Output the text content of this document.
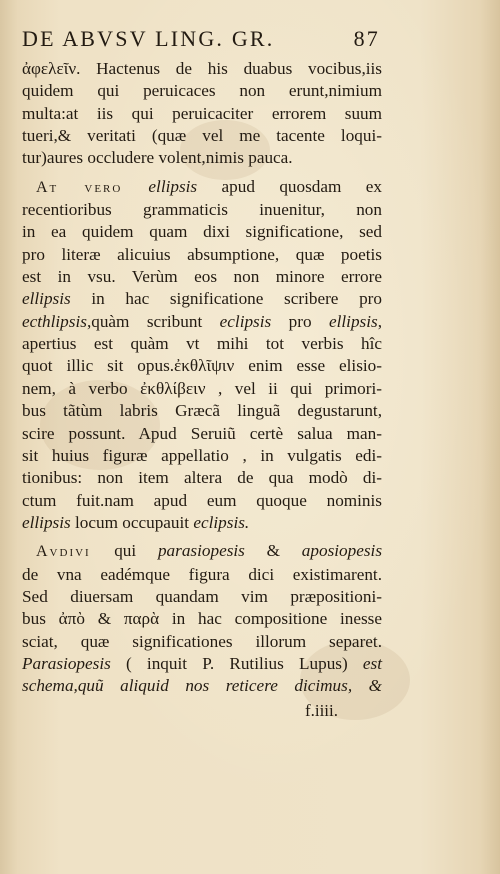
DE ABVSV LING. GR.	87
ἀφελεῖν. Hactenus de his duabus vocibus,iis
quidem qui peruicaces non erunt,nimium
multa:at iis qui peruicaciter errorem suum
tueri,& veritati (quæ vel me tacente loqui-
tur)aures occludere volent,nimis pauca.
At vero ellipsis apud quosdam ex
recentioribus grammaticis inuenitur, non
in ea quidem quam dixi significatione, sed
pro literæ alicuius absumptione, quæ poetis
est in vsu. Verùm eos non minore errore
ellipsis in hac significatione scribere pro
ecthlipsis,quàm scribunt eclipsis pro ellipsis,
apertius est quàm vt mihi tot verbis hîc
quot illic sit opus.ἐκθλῖψιν enim esse elisio-
nem, à verbo ἐκθλίβειν , vel ii qui primori-
bus tãtùm labris Græcã linguã degustarunt,
scire possunt. Apud Seruiũ certè salua man-
sit huius figuræ appellatio , in vulgatis edi-
tionibus: non item altera de qua modò di-
ctum fuit.nam apud eum quoque nominis
ellipsis locum occupauit eclipsis.
Avdivi qui parasiopesis & aposiopesis
de vna eadémque figura dici existimarent.
Sed diuersam quandam vim præpositioni-
bus ἀπὸ & παρὰ in hac compositione inesse
sciat, quæ significationes illorum separet.
Parasiopesis ( inquit P. Rutilius Lupus) est
schema,quũ aliquid nos reticere dicimus, &
f.iiii.
